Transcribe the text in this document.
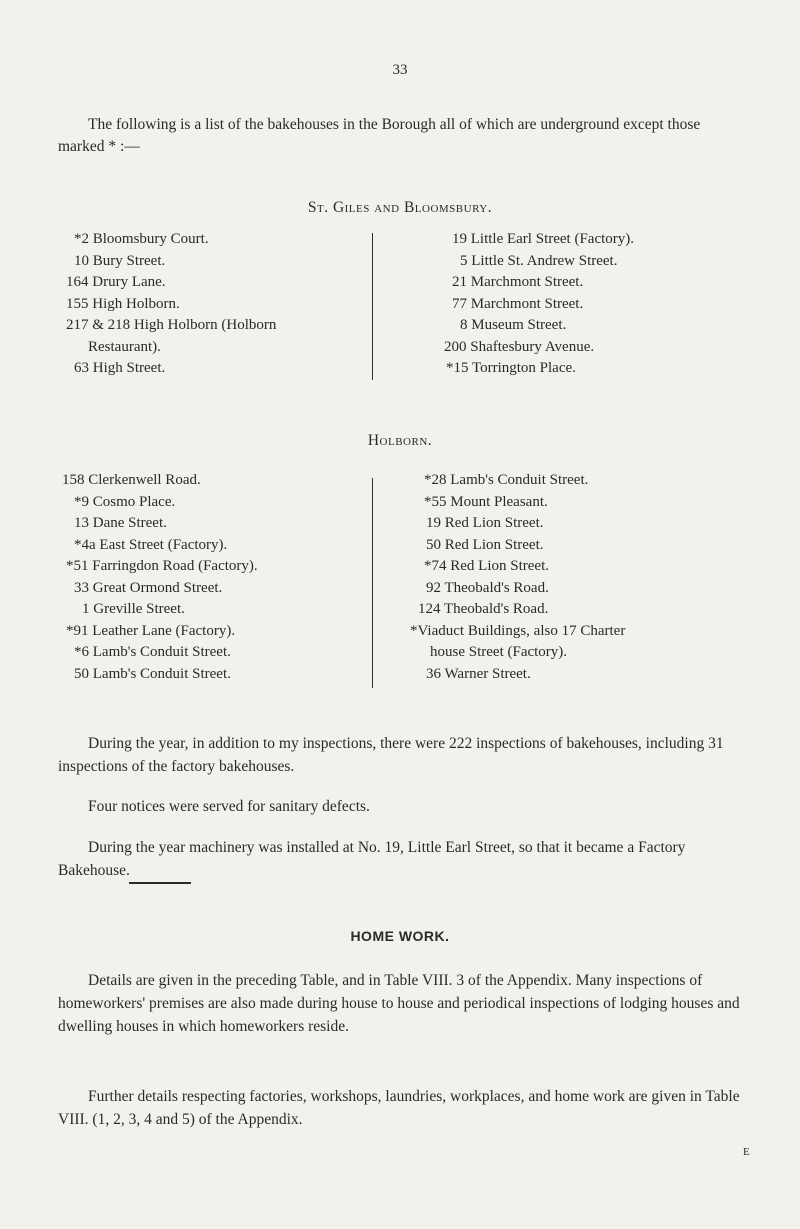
33
The following is a list of the bakehouses in the Borough all of which are underground except those marked * :—
St. Giles and Bloomsbury.
*2 Bloomsbury Court.
10 Bury Street.
164 Drury Lane.
155 High Holborn.
217 & 218 High Holborn (Holborn
Restaurant).
63 High Street.
19 Little Earl Street (Factory).
5 Little St. Andrew Street.
21 Marchmont Street.
77 Marchmont Street.
8 Museum Street.
200 Shaftesbury Avenue.
*15 Torrington Place.
Holborn.
158 Clerkenwell Road.
*9 Cosmo Place.
13 Dane Street.
*4a East Street (Factory).
*51 Farringdon Road (Factory).
33 Great Ormond Street.
1 Greville Street.
*91 Leather Lane (Factory).
*6 Lamb's Conduit Street.
50 Lamb's Conduit Street.
*28 Lamb's Conduit Street.
*55 Mount Pleasant.
19 Red Lion Street.
50 Red Lion Street.
*74 Red Lion Street.
92 Theobald's Road.
124 Theobald's Road.
*Viaduct Buildings, also 17 Charter
house Street (Factory).
36 Warner Street.
During the year, in addition to my inspections, there were 222 inspections of bakehouses, including 31 inspections of the factory bakehouses.
Four notices were served for sanitary defects.
During the year machinery was installed at No. 19, Little Earl Street, so that it became a Factory Bakehouse.
HOME WORK.
Details are given in the preceding Table, and in Table VIII. 3 of the Appendix. Many inspections of homeworkers' premises are also made during house to house and periodical inspections of lodging houses and dwelling houses in which homeworkers reside.
Further details respecting factories, workshops, laundries, workplaces, and home work are given in Table VIII. (1, 2, 3, 4 and 5) of the Appendix.
E
